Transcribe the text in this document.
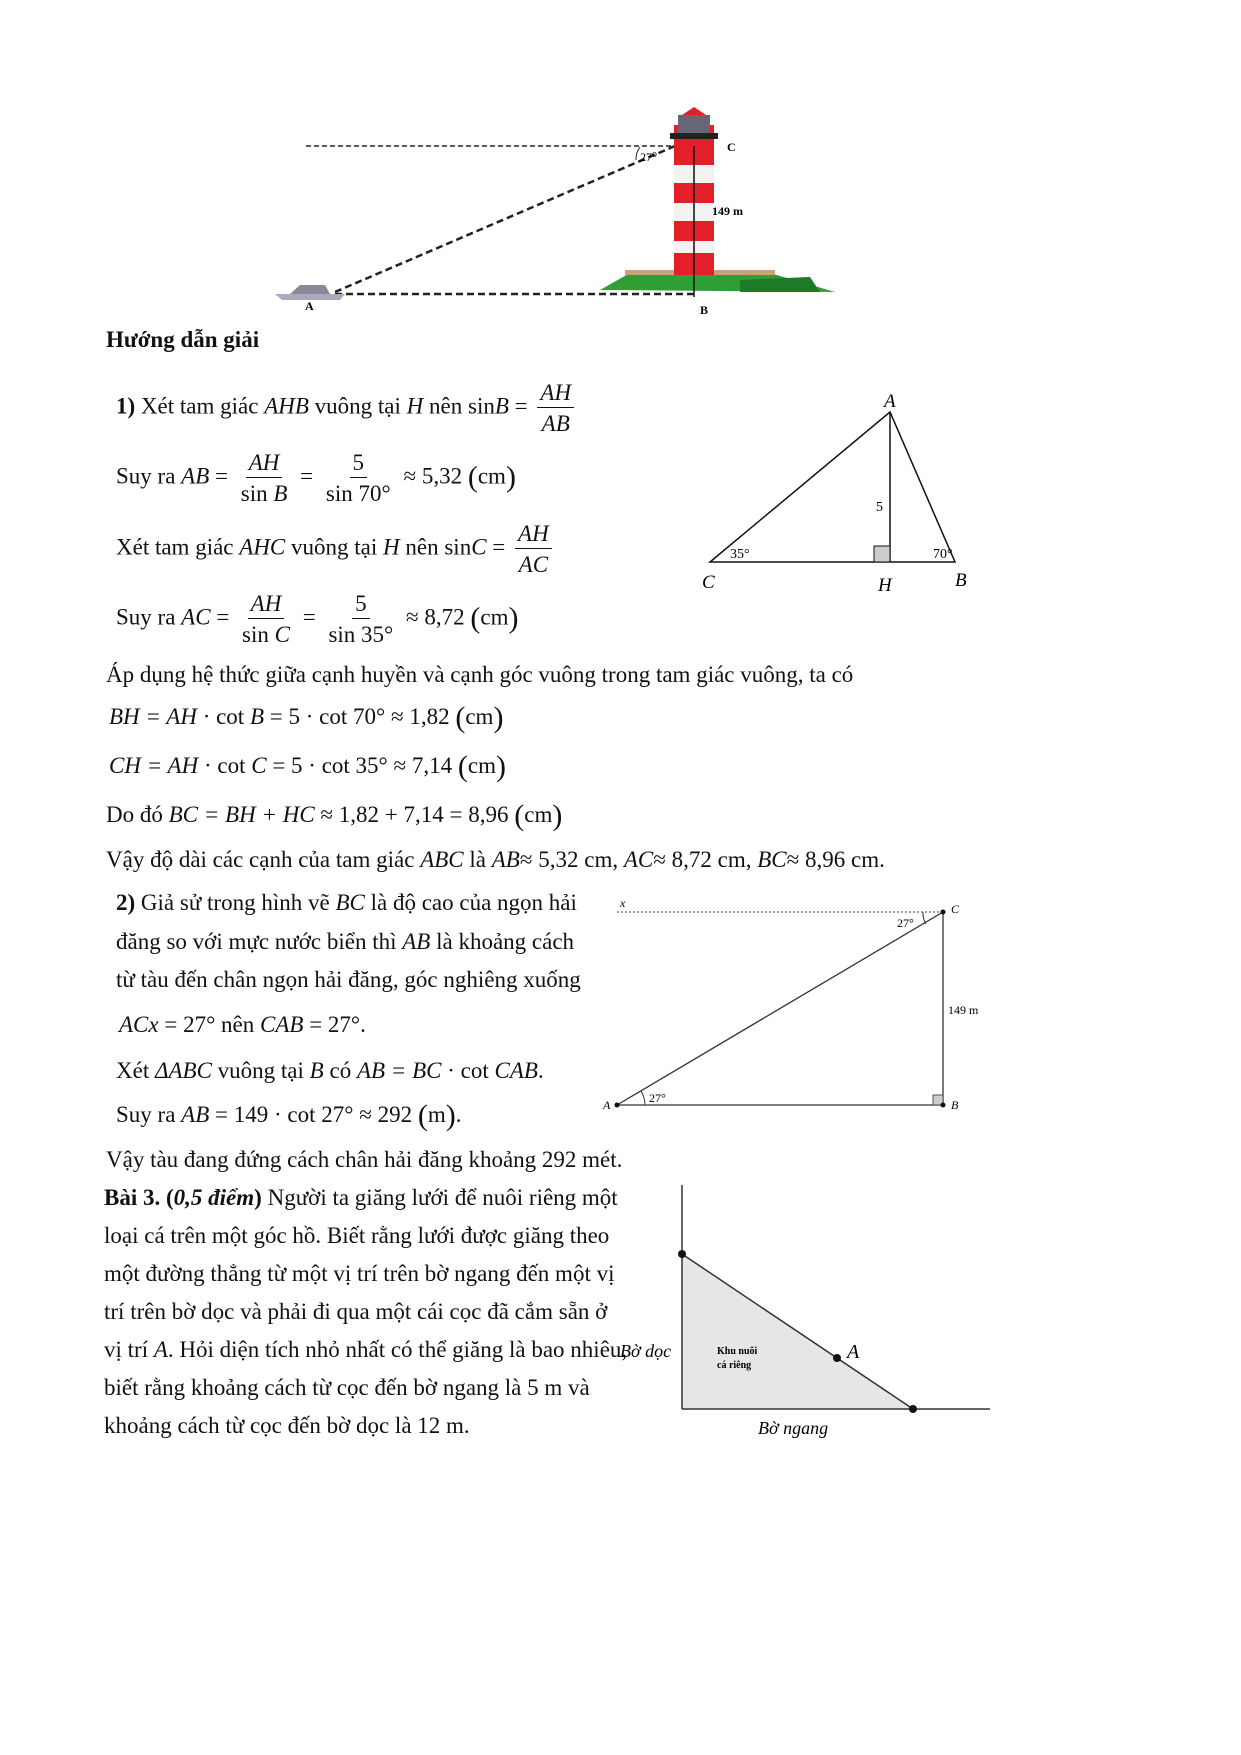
27⁰
C
149 m
A	B
Hướng dẫn giải
1) Xét tam giác AHB vuông tại H nên $\sin B = \frac{AH}{AB}$
Suy ra AB = $\frac{AH}{\text{sin B}} = \frac{5}{\sin 70^\circ} \approx 5,32$ (cm)
Xét tam giác AHC vuông tại H nên $\sin C = \frac{AH}{AC}$
Suy ra AC = $\frac{AH}{\text{sin C}} = \frac{5}{\sin 35^\circ} \approx 8,72$ (cm)
Áp dụng hệ thức giữa cạnh huyền và cạnh góc vuông trong tam giác vuông, ta có
BH = AH · cot B = 5 · cot 70° ≈ 1,82 (cm)
CH = AH · cot C = 5 · cot 35° ≈ 7,14 (cm)
Do đó BC = BH + HC ≈ 1,82 + 7,14 = 8,96 (cm)
Vậy độ dài các cạnh của tam giác ABC là AB≈ 5,32 cm, AC≈ 8,72 cm, BC≈ 8,96 cm.
A
C	H	B
5
35°	70°
2) Giả sử trong hình vẽ BC là độ cao của ngọn hải
đăng so với mực nước biển thì AB là khoảng cách
từ tàu đến chân ngọn hải đăng, góc nghiêng xuống
ACx = 27° nên CAB = 27°.
Xét ΔABC vuông tại B có AB = BC · cot CAB.
Suy ra AB = 149 · cot 27° ≈ 292 (m).
Vậy tàu đang đứng cách chân hải đăng khoảng 292 mét.
x	C
A	B
27°
27°
149 m
Bài 3. (0,5 điểm) Người ta giăng lưới để nuôi riêng một
loại cá trên một góc hồ. Biết rằng lưới được giăng theo
một đường thẳng từ một vị trí trên bờ ngang đến một vị
trí trên bờ dọc và phải đi qua một cái cọc đã cắm sẵn ở
vị trí A. Hỏi diện tích nhỏ nhất có thể giăng là bao nhiêu,
biết rằng khoảng cách từ cọc đến bờ ngang là 5 m và
khoảng cách từ cọc đến bờ dọc là 12 m.
A
Bờ dọc
Bờ ngang
Khu nuôi
cá riêng
